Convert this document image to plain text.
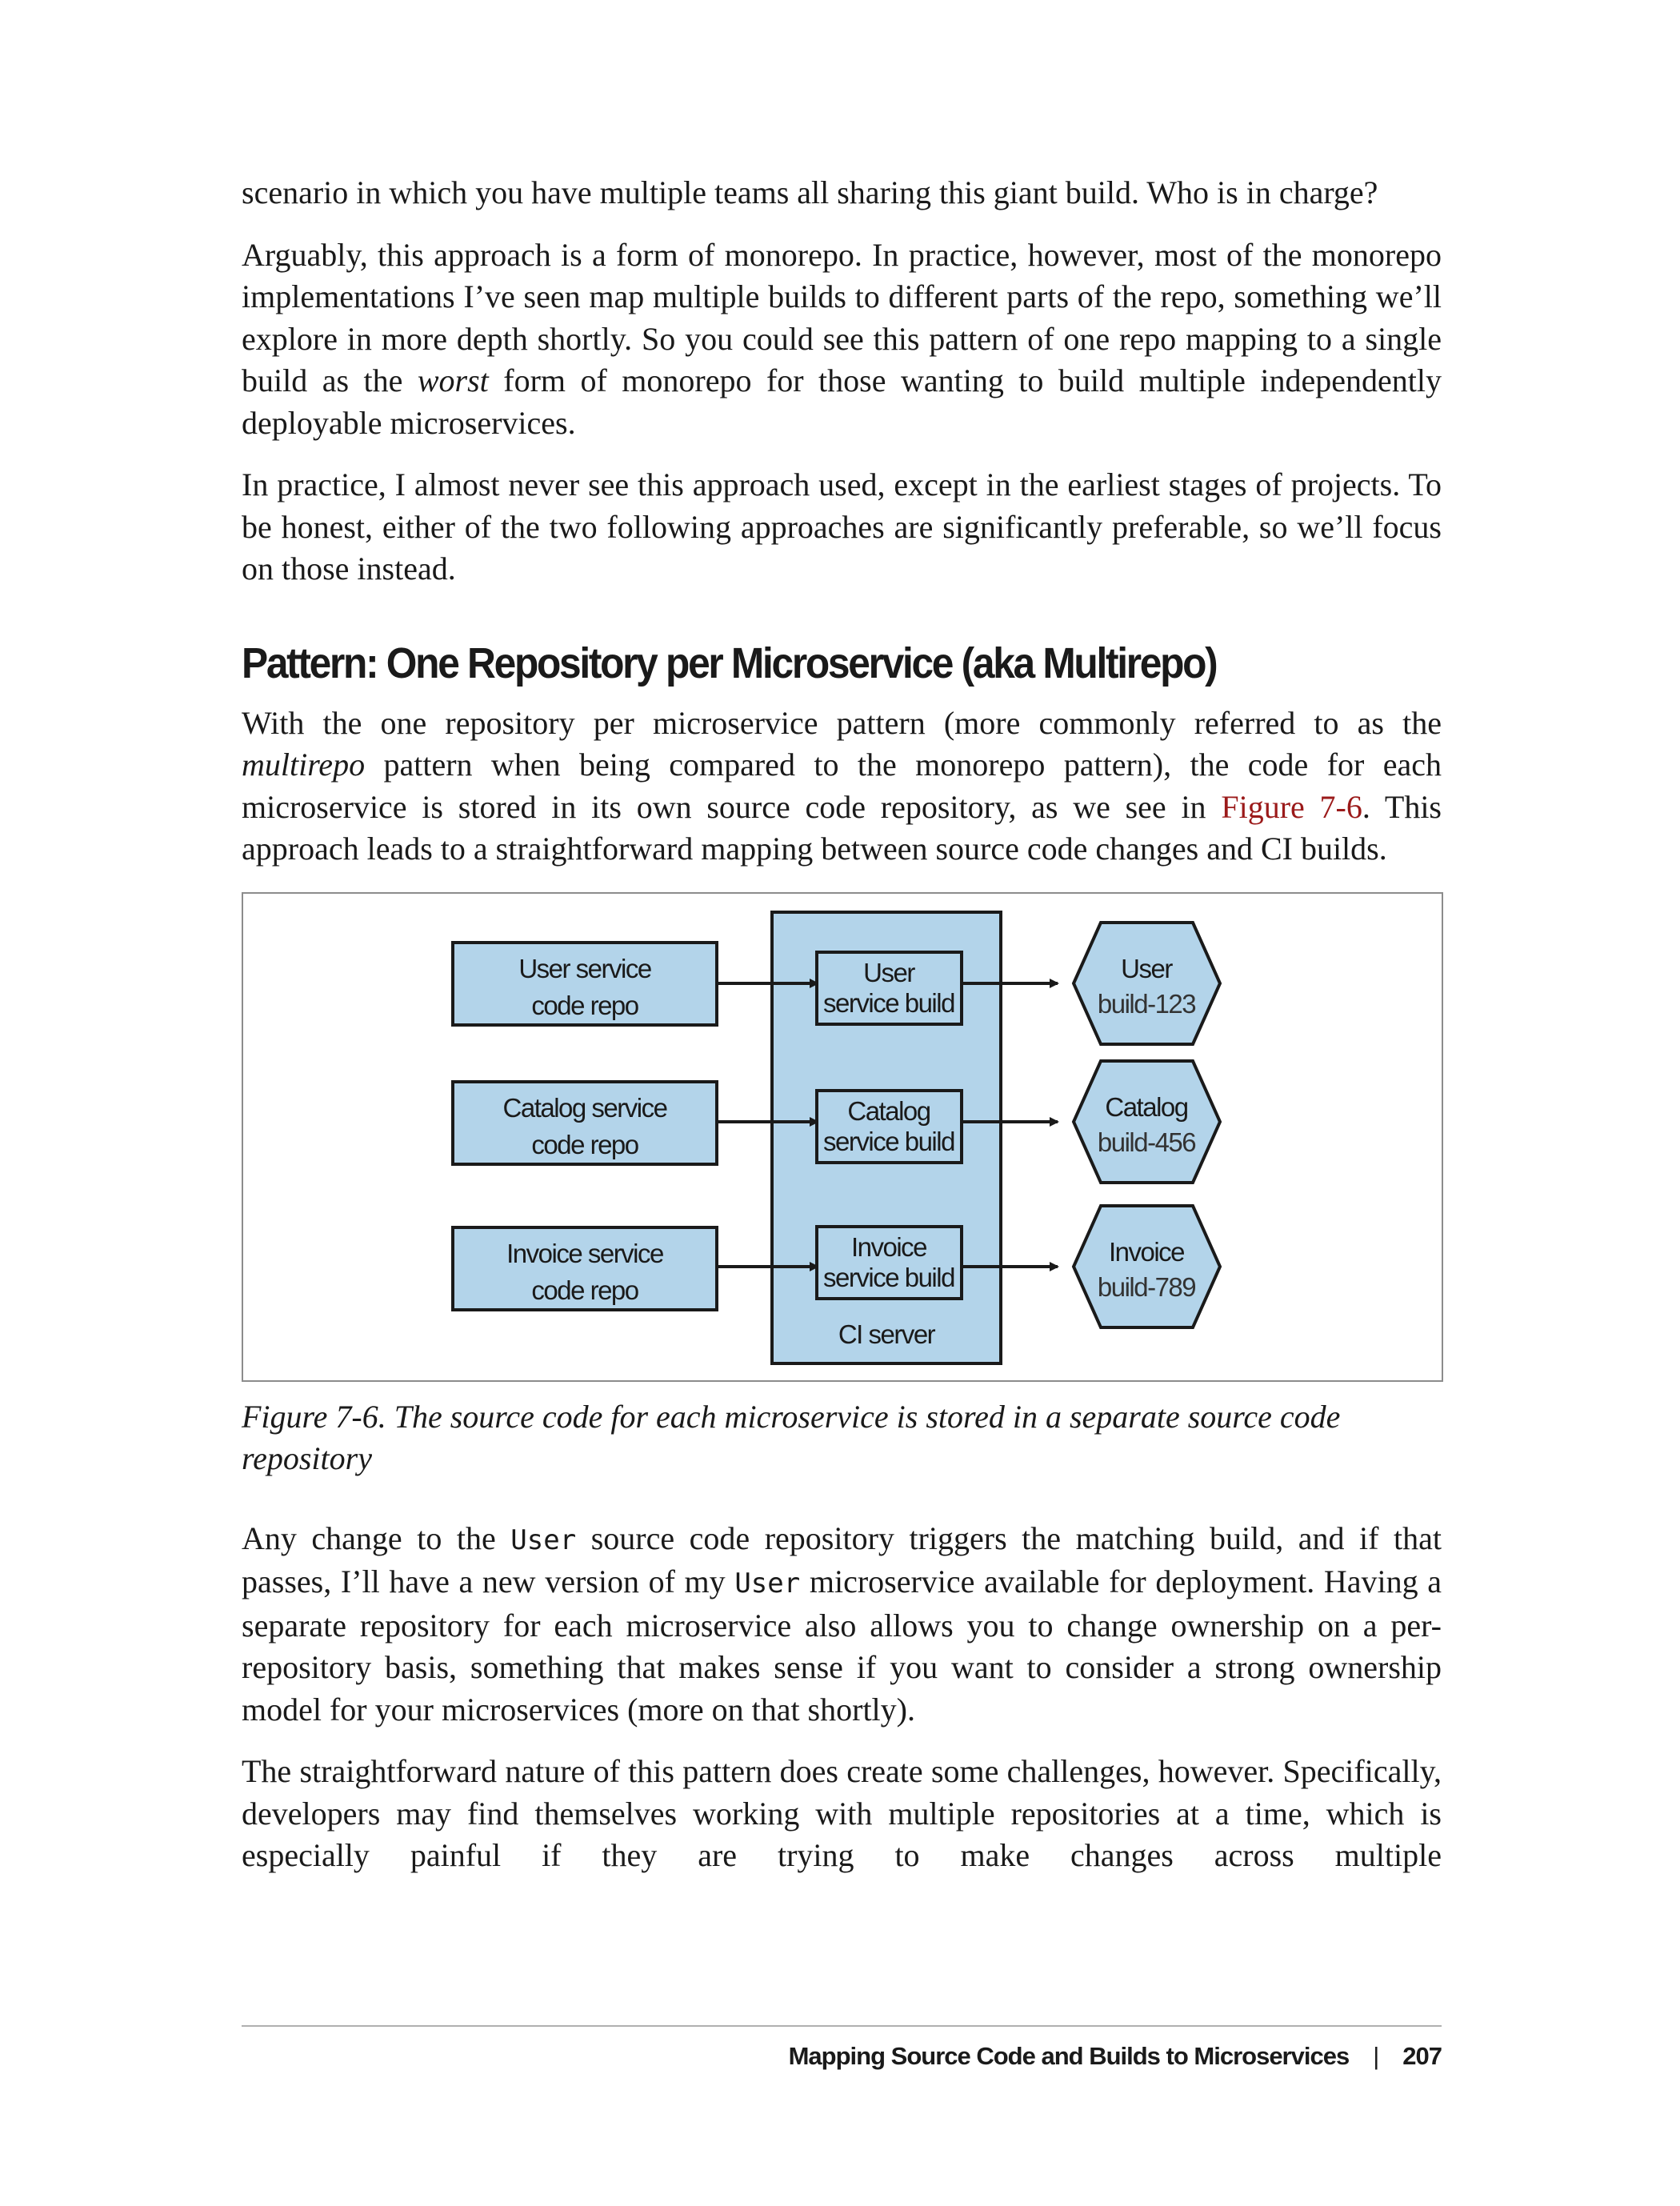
scenario in which you have multiple teams all sharing this giant build. Who is in charge?

Arguably, this approach is a form of monorepo. In practice, however, most of the monorepo implementations I’ve seen map multiple builds to different parts of the repo, something we’ll explore in more depth shortly. So you could see this pattern of one repo mapping to a single build as the worst form of monorepo for those wanting to build multiple independently deployable microservices.

In practice, I almost never see this approach used, except in the earliest stages of projects. To be honest, either of the two following approaches are significantly preferable, so we’ll focus on those instead.

Pattern: One Repository per Microservice (aka Multirepo)

With the one repository per microservice pattern (more commonly referred to as the multirepo pattern when being compared to the monorepo pattern), the code for each microservice is stored in its own source code repository, as we see in Figure 7-6. This approach leads to a straightforward mapping between source code changes and CI builds.

CI server
User service
code repo
User
service build
User
build-123
Catalog service
code repo
Catalog
service build
Catalog
build-456
Invoice service
code repo
Invoice
service build
Invoice
build-789

Figure 7-6. The source code for each microservice is stored in a separate source code repository

Any change to the User source code repository triggers the matching build, and if that passes, I’ll have a new version of my User microservice available for deployment. Having a separate repository for each microservice also allows you to change ownership on a per-repository basis, something that makes sense if you want to consider a strong ownership model for your microservices (more on that shortly).

The straightforward nature of this pattern does create some challenges, however. Specifically, developers may find themselves working with multiple repositories at a time, which is especially painful if they are trying to make changes across multiple

Mapping Source Code and Builds to Microservices | 207
